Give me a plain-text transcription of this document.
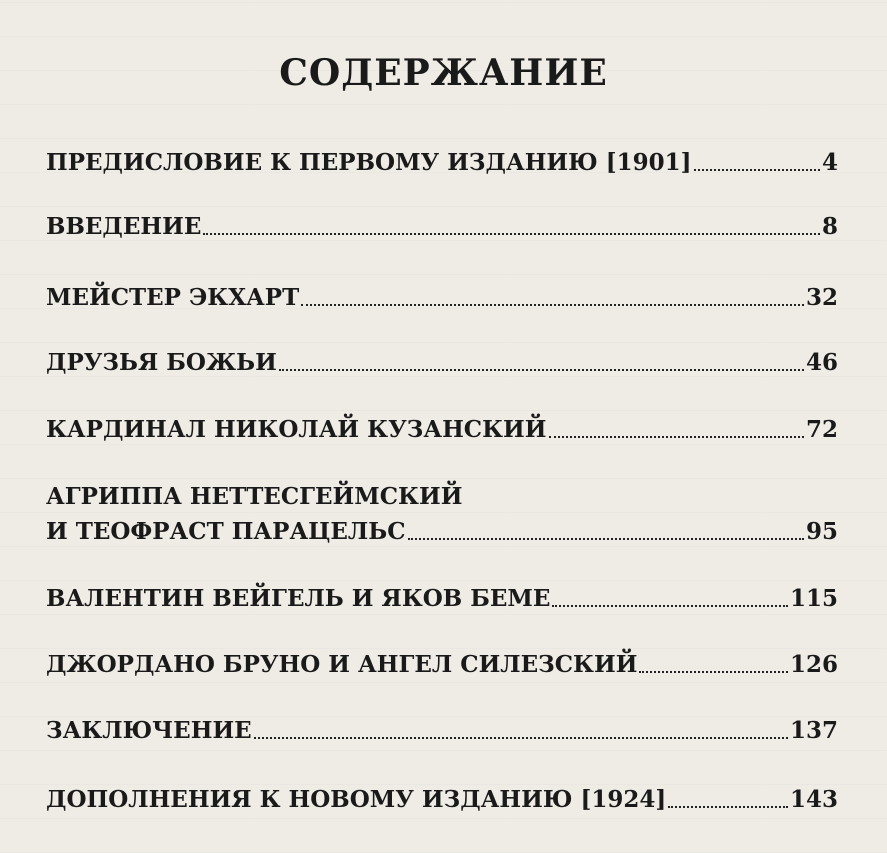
СОДЕРЖАНИЕ
ПРЕДИСЛОВИЕ К ПЕРВОМУ ИЗДАНИЮ [1901]	4
ВВЕДЕНИЕ	8
МЕЙСТЕР ЭКХАРТ	32
ДРУЗЬЯ БОЖЬИ	46
КАРДИНАЛ НИКОЛАЙ КУЗАНСКИЙ	72
АГРИППА НЕТТЕСГЕЙМСКИЙ
И ТЕОФРАСТ ПАРАЦЕЛЬС	95
ВАЛЕНТИН ВЕЙГЕЛЬ И ЯКОВ БЕМЕ	115
ДЖОРДАНО БРУНО И АНГЕЛ СИЛЕЗСКИЙ	126
ЗАКЛЮЧЕНИЕ	137
ДОПОЛНЕНИЯ К НОВОМУ ИЗДАНИЮ [1924]	143
